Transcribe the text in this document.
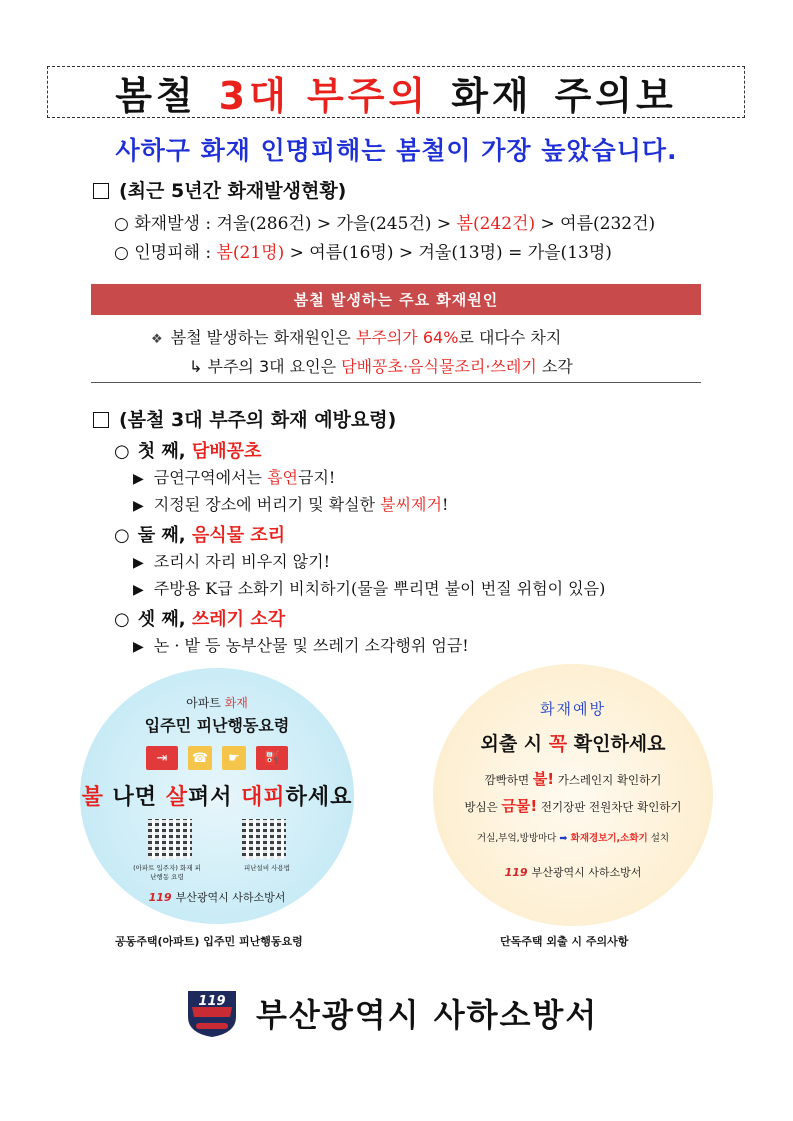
봄철 3대 부주의 화재 주의보
사하구 화재 인명피해는 봄철이 가장 높았습니다.
(최근 5년간 화재발생현황)
○ 화재발생 : 겨울(286건) > 가을(245건) > 봄(242건) > 여름(232건)
○ 인명피해 : 봄(21명) > 여름(16명) > 겨울(13명) = 가을(13명)
봄철 발생하는 주요 화재원인
❖ 봄철 발생하는 화재원인은 부주의가 64%로 대다수 차지
↳ 부주의 3대 요인은 담배꽁초·음식물조리·쓰레기 소각
(봄철 3대 부주의 화재 예방요령)
○ 첫 째, 담배꽁초
▶ 금연구역에서는 흡연금지!
▶ 지정된 장소에 버리기 및 확실한 불씨제거!
○ 둘 째, 음식물 조리
▶ 조리시 자리 비우지 않기!
▶ 주방용 K급 소화기 비치하기(물을 뿌리면 불이 번질 위험이 있음)
○ 셋 째, 쓰레기 소각
▶ 논 · 밭 등 농부산물 및 쓰레기 소각행위 엄금!
아파트 화재
입주민 피난행동요령
⇥	☎	☛	⛽
불 나면 살펴서 대피하세요
(아파트 입주자) 화재 피난행동 요령
피난설비 사용법
119 부산광역시 사하소방서
공동주택(아파트) 입주민 피난행동요령
화재예방
외출 시 꼭 확인하세요
깜빡하면 불! 가스레인지 확인하기
방심은 금물! 전기장판 전원차단 확인하기
거실,부엌,방방마다 ➡ 화재경보기,소화기 설치
119 부산광역시 사하소방서
단독주택 외출 시 주의사항
119 부산광역시 사하소방서
